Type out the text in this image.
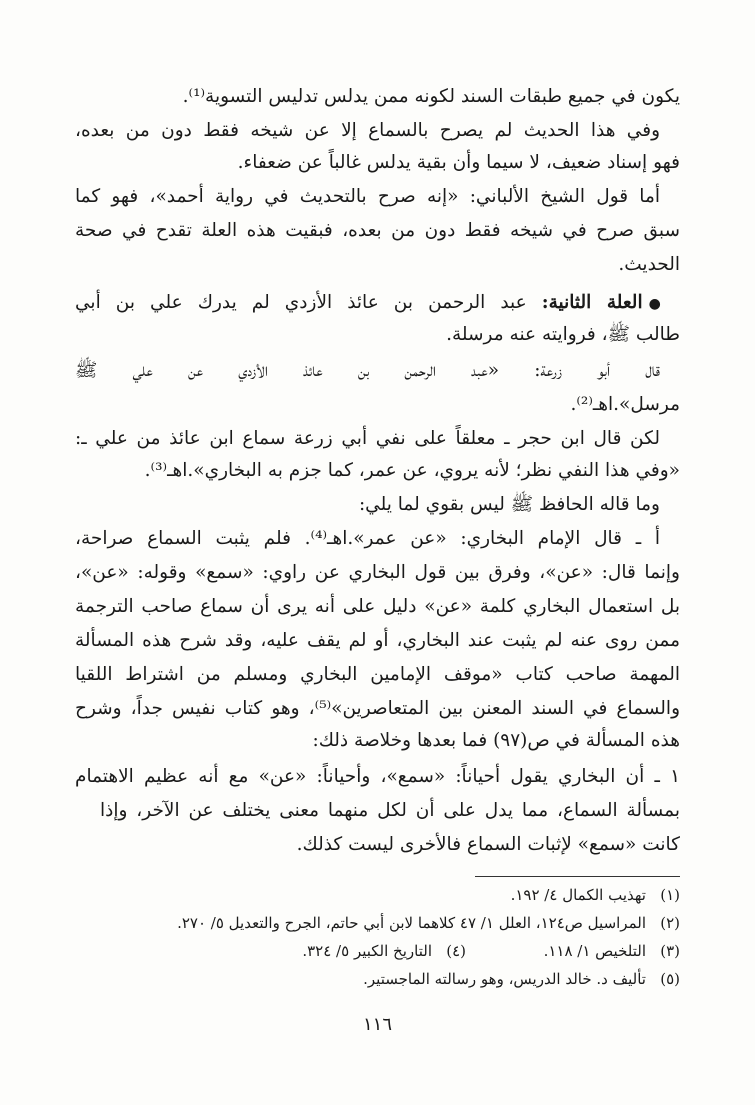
يكون في جميع طبقات السند لكونه ممن يدلس تدليس التسوية⁽¹⁾.
وفي هذا الحديث لم يصرح بالسماع إلا عن شيخه فقط دون من بعده،
فهو إسناد ضعيف، لا سيما وأن بقية يدلس غالباً عن ضعفاء.
أما قول الشيخ الألباني: «إنه صرح بالتحديث في رواية أحمد»، فهو كما
سبق صرح في شيخه فقط دون من بعده، فبقيت هذه العلة تقدح في صحة
الحديث.
●العلة الثانية: عبد الرحمن بن عائذ الأزدي لم يدرك علي بن أبي
طالب ﷺ، فروايته عنه مرسلة.
قال أبو زرعة: «عبد الرحمن بن عائذ الأزدي عن علي ﷺ
مرسل».اهـ⁽²⁾.
لكن قال ابن حجر ـ معلقاً على نفي أبي زرعة سماع ابن عائذ من علي ـ:
«وفي هذا النفي نظر؛ لأنه يروي، عن عمر، كما جزم به البخاري».اهـ⁽³⁾.
وما قاله الحافظ ﷺ ليس بقوي لما يلي:
أ ـ قال الإمام البخاري: «عن عمر».اهـ⁽⁴⁾. فلم يثبت السماع صراحة،
وإنما قال: «عن»، وفرق بين قول البخاري عن راوي: «سمع» وقوله: «عن»،
بل استعمال البخاري كلمة «عن» دليل على أنه يرى أن سماع صاحب الترجمة
ممن روى عنه لم يثبت عند البخاري، أو لم يقف عليه، وقد شرح هذه المسألة
المهمة صاحب كتاب «موقف الإمامين البخاري ومسلم من اشتراط اللقيا
والسماع في السند المعنن بين المتعاصرين»⁽⁵⁾، وهو كتاب نفيس جداً، وشرح
هذه المسألة في ص(٩٧) فما بعدها وخلاصة ذلك:
١ ـ أن البخاري يقول أحياناً: «سمع»، وأحياناً: «عن» مع أنه عظيم الاهتمام
بمسألة السماع، مما يدل على أن لكل منهما معنى يختلف عن الآخر، وإذا
كانت «سمع» لإثبات السماع فالأخرى ليست كذلك.
(١)تهذيب الكمال ٤/ ١٩٢.
(٢)المراسيل ص١٢٤، العلل ١/ ٤٧ كلاهما لابن أبي حاتم، الجرح والتعديل ٥/ ٢٧٠.
(٣)التلخيص ١/ ١١٨.(٤)التاريخ الكبير ٥/ ٣٢٤.
(٥)تأليف د. خالد الدريس، وهو رسالته الماجستير.
١١٦
